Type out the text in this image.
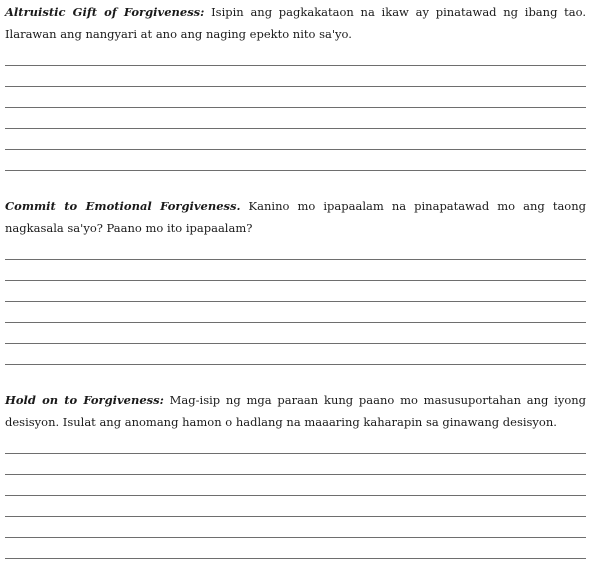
Altruistic Gift of Forgiveness: Isipin ang pagkakataon na ikaw ay pinatawad ng ibang tao. Ilarawan ang nangyari at ano ang naging epekto nito sa'yo.

Commit to Emotional Forgiveness. Kanino mo ipapaalam na pinapatawad mo ang taong nagkasala sa'yo? Paano mo ito ipapaalam?

Hold on to Forgiveness: Mag-isip ng mga paraan kung paano mo masusuportahan ang iyong desisyon. Isulat ang anomang hamon o hadlang na maaaring kaharapin sa ginawang desisyon.
